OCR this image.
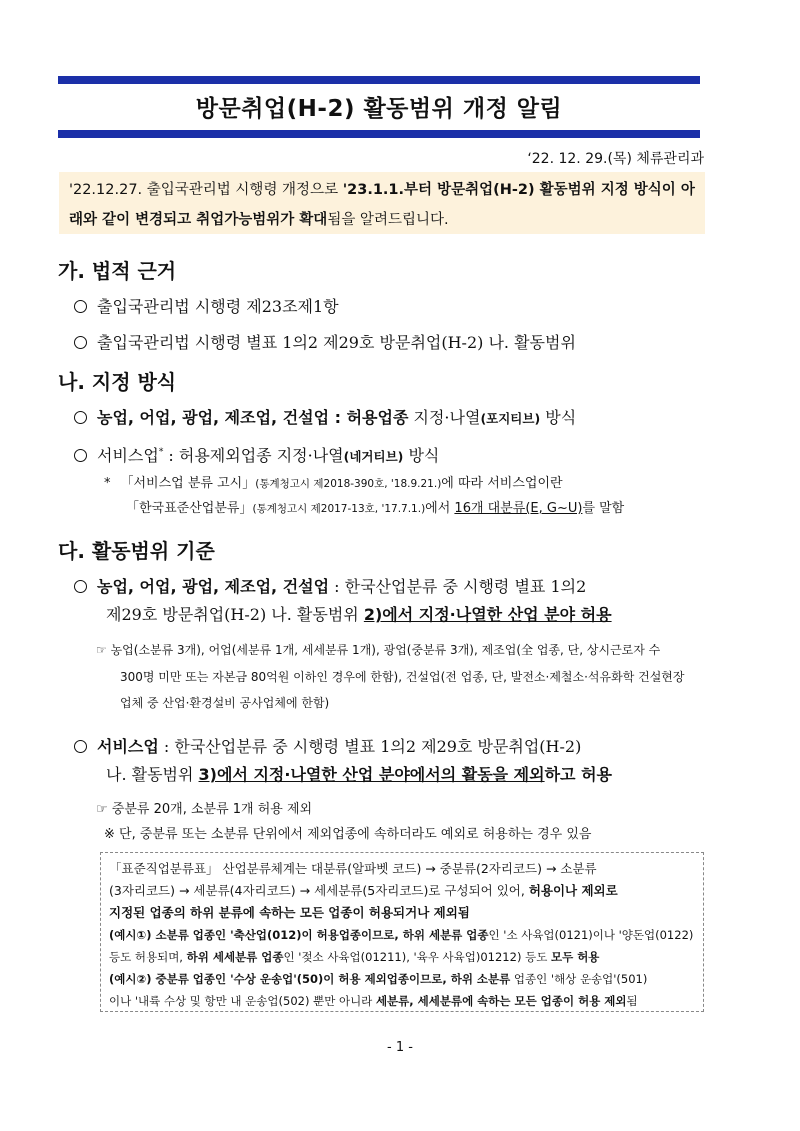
방문취업(H-2) 활동범위 개정 알림
‘22. 12. 29.(목) 체류관리과
'22.12.27. 출입국관리법 시행령 개정으로 '23.1.1.부터 방문취업(H-2) 활동범위 지정 방식이 아래와 같이 변경되고 취업가능범위가 확대됨을 알려드립니다.
가. 법적 근거
출입국관리법 시행령 제23조제1항
출입국관리법 시행령 별표 1의2 제29호 방문취업(H-2) 나. 활동범위
나. 지정 방식
농업, 어업, 광업, 제조업, 건설업 : 허용업종 지정·나열(포지티브) 방식
서비스업* : 허용제외업종 지정·나열(네거티브) 방식
* 「서비스업 분류 고시」(통계청고시 제2018-390호, '18.9.21.)에 따라 서비스업이란
「한국표준산업분류」(통계청고시 제2017-13호, '17.7.1.)에서 16개 대분류(E, G~U)를 말함
다. 활동범위 기준
농업, 어업, 광업, 제조업, 건설업 : 한국산업분류 중 시행령 별표 1의2
제29호 방문취업(H-2) 나. 활동범위 2)에서 지정·나열한 산업 분야 허용
☞ 농업(소분류 3개), 어업(세분류 1개, 세세분류 1개), 광업(중분류 3개), 제조업(全 업종, 단, 상시근로자 수
300명 미만 또는 자본금 80억원 이하인 경우에 한함), 건설업(전 업종, 단, 발전소·제철소·석유화학 건설현장
업체 중 산업·환경설비 공사업체에 한함)
서비스업 : 한국산업분류 중 시행령 별표 1의2 제29호 방문취업(H-2)
나. 활동범위 3)에서 지정·나열한 산업 분야에서의 활동을 제외하고 허용
☞ 중분류 20개, 소분류 1개 허용 제외
※ 단, 중분류 또는 소분류 단위에서 제외업종에 속하더라도 예외로 허용하는 경우 있음
「표준직업분류표」 산업분류체계는 대분류(알파벳 코드) → 중분류(2자리코드) → 소분류
(3자리코드) → 세분류(4자리코드) → 세세분류(5자리코드)로 구성되어 있어, 허용이나 제외로
지정된 업종의 하위 분류에 속하는 모든 업종이 허용되거나 제외됨
(예시①) 소분류 업종인 '축산업(012)이 허용업종이므로, 하위 세분류 업종인 '소 사육업(0121)이나 '양돈업(0122)
등도 허용되며, 하위 세세분류 업종인 '젖소 사육업(01211), '육우 사육업)01212) 등도 모두 허용
(예시②) 중분류 업종인 '수상 운송업'(50)이 허용 제외업종이므로, 하위 소분류 업종인 '해상 운송업'(501)
이나 '내륙 수상 및 항만 내 운송업(502) 뿐만 아니라 세분류, 세세분류에 속하는 모든 업종이 허용 제외됨
- 1 -
